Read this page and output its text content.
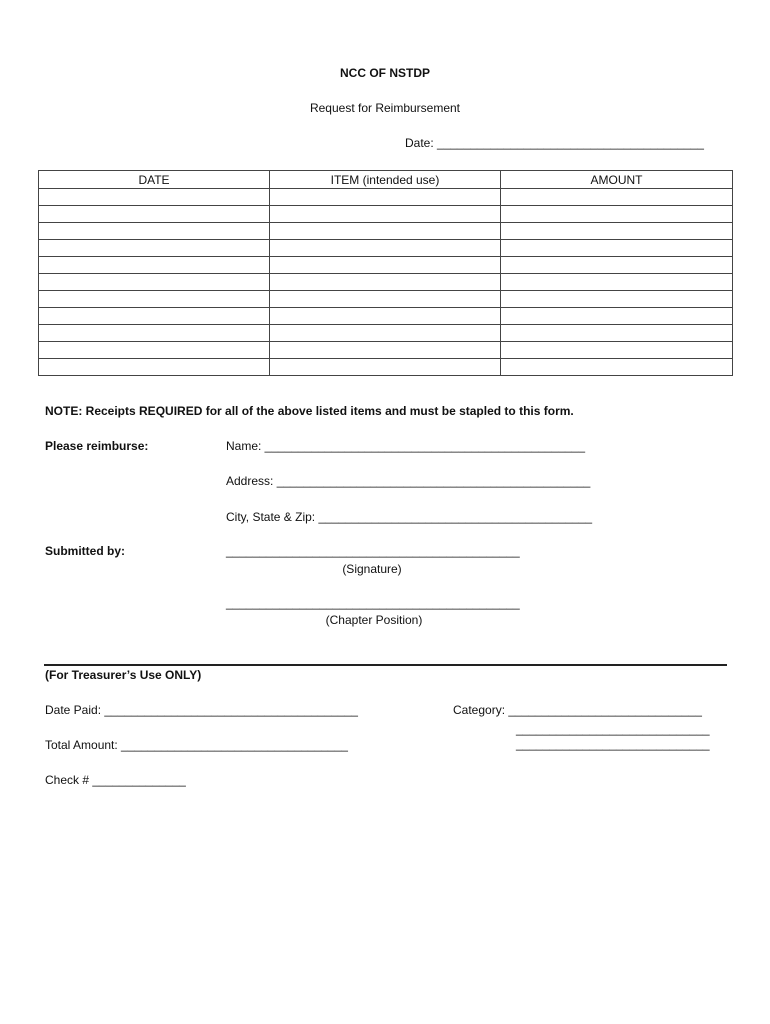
NCC OF NSTDP
Request for Reimbursement
Date: ________________________________________
DATE	ITEM (intended use)	AMOUNT

NOTE: Receipts REQUIRED for all of the above listed items and must be stapled to this form.
Please reimburse:	Name: ________________________________________________
Address: _______________________________________________
City, State & Zip: _________________________________________
Submitted by:	____________________________________________
(Signature)
____________________________________________
(Chapter Position)
(For Treasurer’s Use ONLY)
Date Paid: ______________________________________	Category: _____________________________
_____________________________
_____________________________
Total Amount: __________________________________
Check # ______________
